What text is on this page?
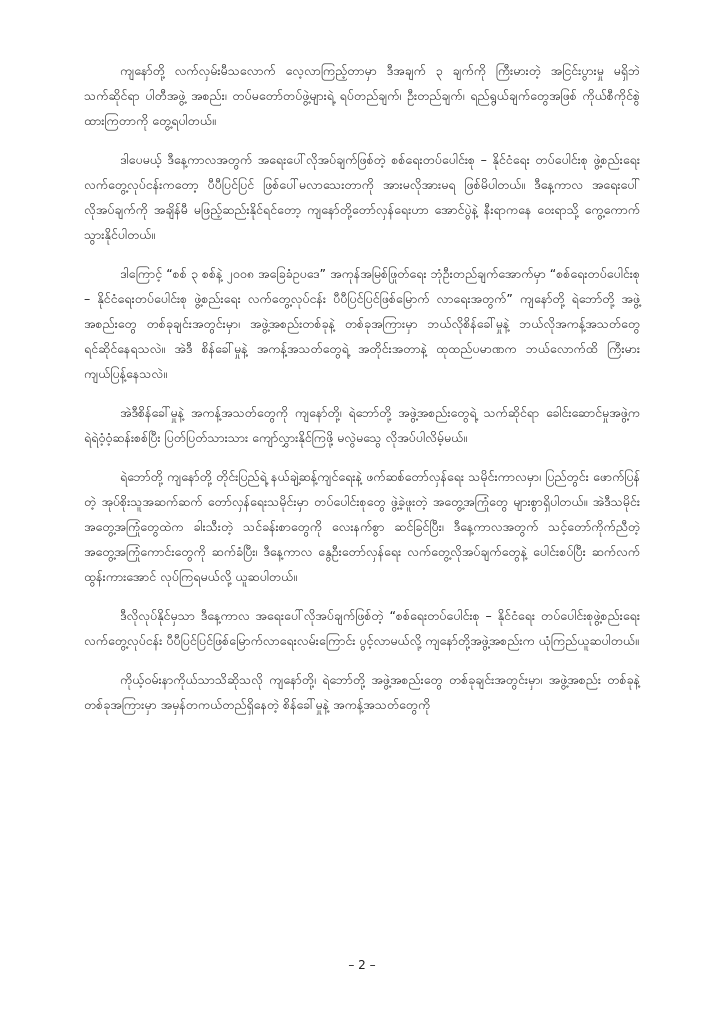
ကျနော်တို့ လက်လှမ်းမီသလောက် လေ့လာကြည့်တာမှာ ဒီအချက် ၃ ချက်ကို ကြီးမားတဲ့ အငြင်းပွားမှု မရှိဘဲ သက်ဆိုင်ရာ ပါတီအဖွဲ့ အစည်း၊ တပ်မတော်တပ်ဖွဲ့များရဲ့ ရပ်တည်ချက်၊ ဦးတည်ချက်၊ ရည်ရွယ်ချက်တွေအဖြစ် ကိုယ်စီကိုင်စွဲထားကြတာကို တွေ့ရပါတယ်။

ဒါပေမယ့် ဒီနေ့ကာလအတွက် အရေးပေါ်လိုအပ်ချက်ဖြစ်တဲ့ စစ်ရေးတပ်ပေါင်းစု – နိုင်ငံရေး တပ်ပေါင်းစု ဖွဲ့စည်းရေး လက်တွေ့လုပ်ငန်းကတော့ ပီပီပြင်ပြင် ဖြစ်ပေါ်မလာသေးတာကို အားမလိုအားမရ ဖြစ်မိပါတယ်။ ဒီနေ့ကာလ အရေးပေါ်လိုအပ်ချက်ကို အချိန်မီ မဖြည့်ဆည်းနိုင်ရင်တော့ ကျနော်တို့တော်လှန်ရေးဟာ အောင်ပွဲနဲ့ နီးရာကနေ ဝေးရာသို့ ကွေ့ကောက်သွားနိုင်ပါတယ်။

ဒါကြောင့် “စစ် ၃ စစ်နဲ့ ၂၀၀၈ အခြေခံဥပဒေ” အကုန်အမြစ်ဖြုတ်ရေး ဘုံဦးတည်ချက်အောက်မှာ “စစ်ရေးတပ်ပေါင်းစု – နိုင်ငံရေးတပ်ပေါင်းစု ဖွဲ့စည်းရေး လက်တွေ့လုပ်ငန်း ပီပီပြင်ပြင်ဖြစ်မြောက် လာရေးအတွက်” ကျနော်တို့ ရဲဘော်တို့ အဖွဲ့အစည်းတွေ တစ်ခုချင်းအတွင်းမှာ၊ အဖွဲ့အစည်းတစ်ခုနဲ့ တစ်ခုအကြားမှာ ဘယ်လိုစိန်ခေါ်မှုနဲ့ ဘယ်လိုအကန့်အသတ်တွေ ရင်ဆိုင်နေရသလဲ။ အဲဒီ စိန်ခေါ်မှုနဲ့ အကန့်အသတ်တွေရဲ့ အတိုင်းအတာနဲ့ ထုထည်ပမာဏက ဘယ်လောက်ထိ ကြီးမားကျယ်ပြန့်နေသလဲ။

အဲဒီစိန်ခေါ်မှုနဲ့ အကန့်အသတ်တွေကို ကျနော်တို့၊ ရဲဘော်တို့ အဖွဲ့အစည်းတွေရဲ့ သက်ဆိုင်ရာ ခေါင်းဆောင်မှုအဖွဲ့က ရဲရဲဝံ့ဝံ့ဆန်းစစ်ပြီး ပြတ်ပြတ်သားသား ကျော်လွှားနိုင်ကြဖို့ မလွဲမသွေ လိုအပ်ပါလိမ့်မယ်။

ရဲဘော်တို့ ကျနော်တို့ တိုင်းပြည်ရဲ့ နယ်ချဲ့ဆန့်ကျင်ရေးနဲ့ ဖက်ဆစ်တော်လှန်ရေး သမိုင်းကာလမှာ၊ ပြည်တွင်း ဖောက်ပြန်တဲ့ အုပ်စိုးသူအဆက်ဆက် တော်လှန်ရေးသမိုင်းမှာ တပ်ပေါင်းစုတွေ ဖွဲ့ခဲ့ဖူးတဲ့ အတွေ့အကြုံတွေ များစွာရှိပါတယ်။ အဲဒီသမိုင်းအတွေ့အကြုံတွေထဲက ခါးသီးတဲ့ သင်ခန်းစာတွေကို လေးနက်စွာ ဆင်ခြင်ပြီး၊ ဒီနေ့ကာလအတွက် သင့်တော်ကိုက်ညီတဲ့ အတွေ့အကြုံကောင်းတွေကို ဆက်ခံပြီး၊ ဒီနေ့ကာလ နွေဦးတော်လှန်ရေး လက်တွေ့လိုအပ်ချက်တွေနဲ့ ပေါင်းစပ်ပြီး ဆက်လက် ထွန်းကားအောင် လုပ်ကြရမယ်လို့ ယူဆပါတယ်။

ဒီလိုလုပ်နိုင်မှသာ ဒီနေ့ကာလ အရေးပေါ်လိုအပ်ချက်ဖြစ်တဲ့ “စစ်ရေးတပ်ပေါင်းစု – နိုင်ငံရေး တပ်ပေါင်းစုဖွဲ့စည်းရေး လက်တွေ့လုပ်ငန်း ပီပီပြင်ပြင်ဖြစ်မြောက်လာရေးလမ်းကြောင်း ပွင့်လာမယ်လို့ ကျနော်တို့အဖွဲ့အစည်းက ယုံကြည်ယူဆပါတယ်။

ကိုယ့်ဝမ်းနာကိုယ်သာသိဆိုသလို ကျနော်တို့၊ ရဲဘော်တို့ အဖွဲ့အစည်းတွေ တစ်ခုချင်းအတွင်းမှာ၊ အဖွဲ့အစည်း တစ်ခုနဲ့ တစ်ခုအကြားမှာ အမှန်တကယ်တည်ရှိနေတဲ့ စိန်ခေါ်မှုနဲ့ အကန့်အသတ်တွေကို

– 2 –
